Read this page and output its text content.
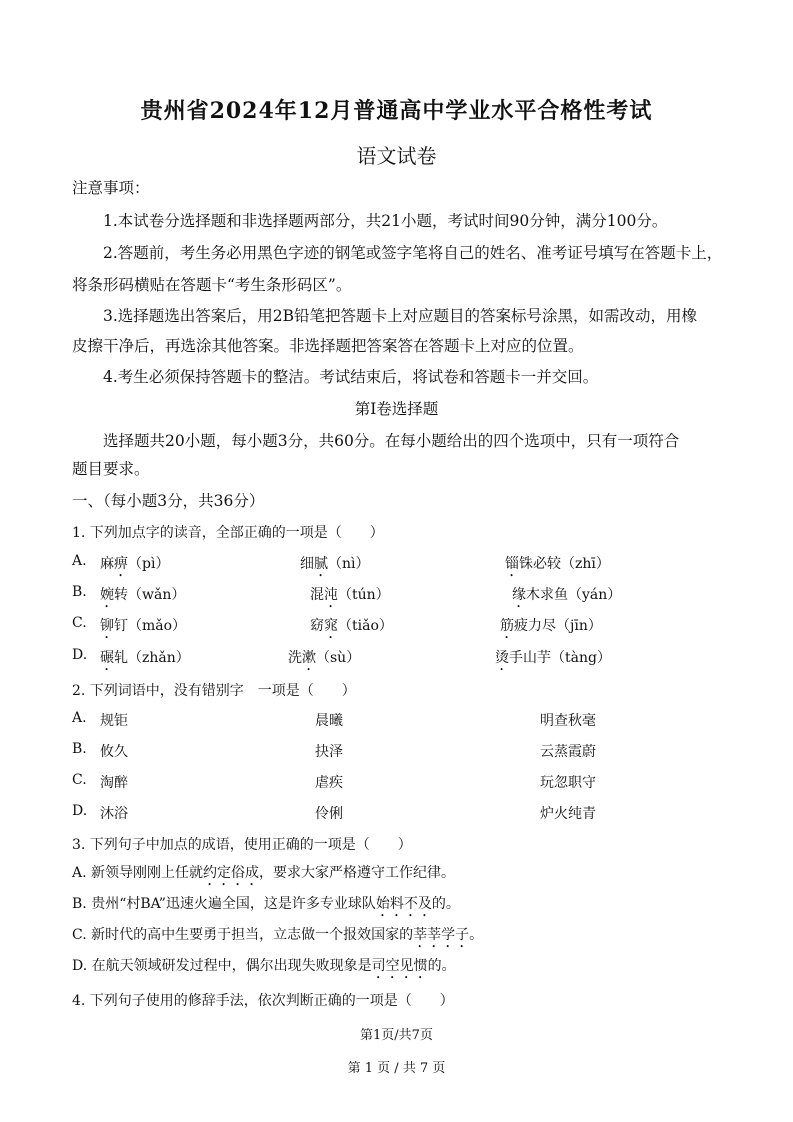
贵州省2024年12月普通高中学业水平合格性考试
语文试卷
注意事项：
1.本试卷分选择题和非选择题两部分，共21小题，考试时间90分钟，满分100分。
2.答题前，考生务必用黑色字迹的钢笔或签字笔将自己的姓名、准考证号填写在答题卡上，
将条形码横贴在答题卡“考生条形码区”。
3.选择题选出答案后，用2B铅笔把答题卡上对应题目的答案标号涂黑，如需改动，用橡
皮擦干净后，再选涂其他答案。非选择题把答案答在答题卡上对应的位置。
4.考生必须保持答题卡的整洁。考试结束后，将试卷和答题卡一并交回。
第I卷选择题
选择题共20小题，每小题3分，共60分。在每小题给出的四个选项中，只有一项符合
题目要求。
一、（每小题3分，共36分）
1. 下列加点字的读音，全部正确的一项是（　　）
A. 麻痹（pì）	细腻（nì）	锱铢必较（zhī）
B. 婉转（wǎn）	混沌（tún）	缘木求鱼（yán）
C. 铆钉（mǎo）	窈窕（tiǎo）	筋疲力尽（jīn）
D. 碾轧（zhǎn）	洗漱（sù）	烫手山芋（tàng）
2. 下列词语中，没有错别字　一项是（　　）
A. 规钜	晨曦	明查秋毫
B. 攸久	抉泽	云蒸霞蔚
C. 淘醉	虐疾	玩忽职守
D. 沐浴	伶俐	炉火纯青
3. 下列句子中加点的成语，使用正确的一项是（　　）
A. 新领导刚刚上任就约定俗成，要求大家严格遵守工作纪律。
B. 贵州“村BA”迅速火遍全国，这是许多专业球队始料不及的。
C. 新时代的高中生要勇于担当，立志做一个报效国家的莘莘学子。
D. 在航天领域研发过程中，偶尔出现失败现象是司空见惯的。
4. 下列句子使用的修辞手法，依次判断正确的一项是（　　）
第1页/共7页
第 1 页 / 共 7 页
